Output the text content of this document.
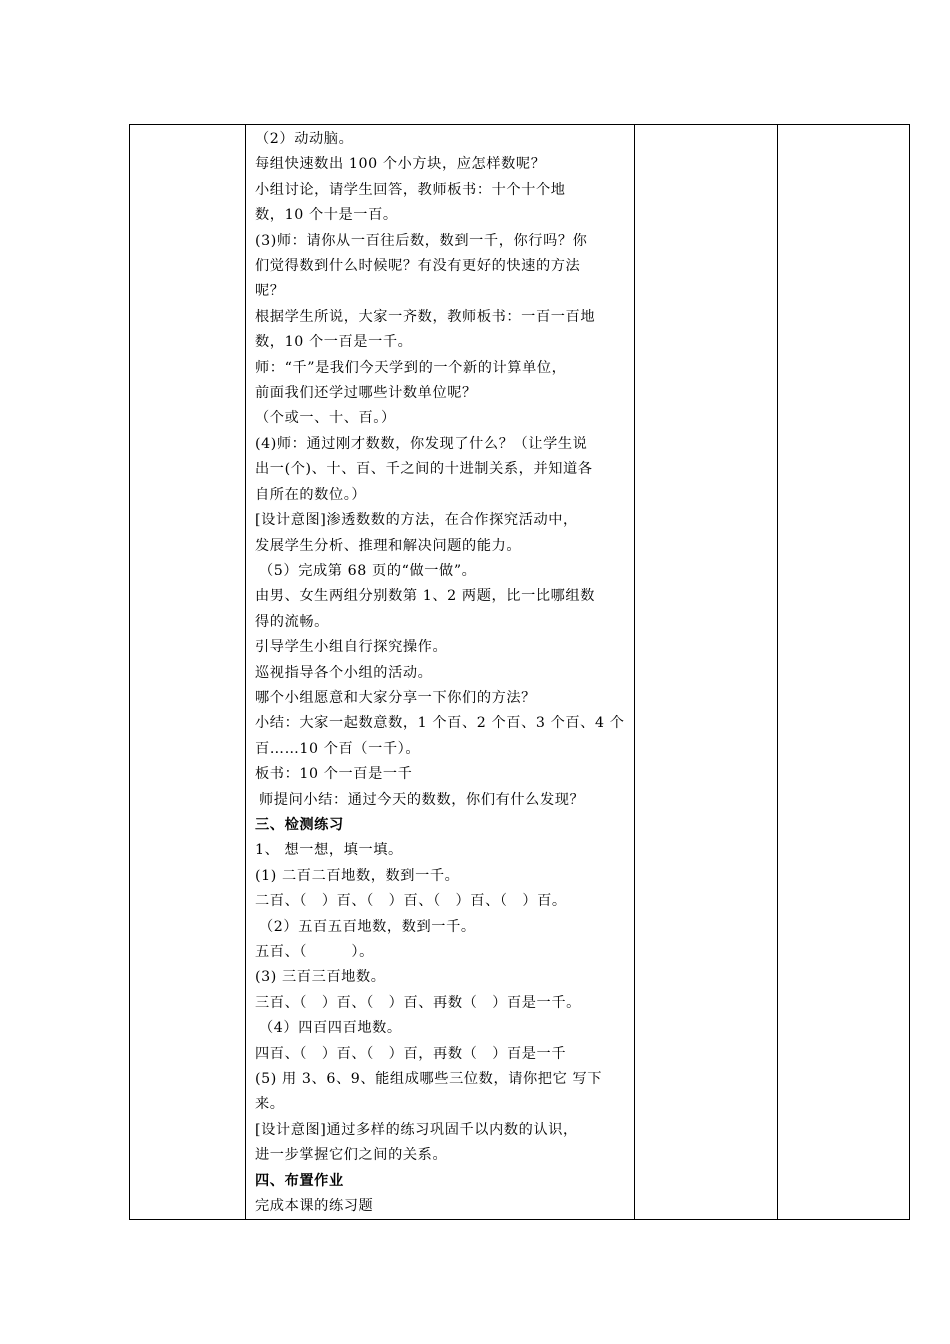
（2）动动脑。

每组快速数出 100 个小方块，应怎样数呢？

小组讨论，请学生回答，教师板书：十个十个地

数，10 个十是一百。

(3)师：请你从一百往后数，数到一千，你行吗？你

们觉得数到什么时候呢？有没有更好的快速的方法

呢？

根据学生所说，大家一齐数，教师板书：一百一百地

数，10 个一百是一千。

师：“千”是我们今天学到的一个新的计算单位，

前面我们还学过哪些计数单位呢？

（个或一、十、百。）

(4)师：通过刚才数数，你发现了什么？（让学生说

出一(个)、十、百、千之间的十进制关系，并知道各

自所在的数位。）

[设计意图]渗透数数的方法，在合作探究活动中，

发展学生分析、推理和解决问题的能力。

（5）完成第 68 页的“做一做”。

由男、女生两组分别数第 1、2 两题，比一比哪组数

得的流畅。

引导学生小组自行探究操作。

巡视指导各个小组的活动。

哪个小组愿意和大家分享一下你们的方法？

小结：大家一起数意数，1 个百、2 个百、3 个百、4 个

百……10 个百（一千）。

板书：10 个一百是一千

师提问小结：通过今天的数数，你们有什么发现？

三、检测练习

1、 想一想，填一填。

(1) 二百二百地数，数到一千。

二百、（　）百、（　）百、（　）百、（　）百。

（2）五百五百地数，数到一千。

五百、（　　　）。

(3) 三百三百地数。

三百、（　）百、（　）百、再数（　）百是一千。

（4）四百四百地数。

四百、（　）百、（　）百，再数（　）百是一千

(5) 用 3、6、9、能组成哪些三位数，请你把它 写下

来。

[设计意图]通过多样的练习巩固千以内数的认识，

进一步掌握它们之间的关系。

四、布置作业

完成本课的练习题
